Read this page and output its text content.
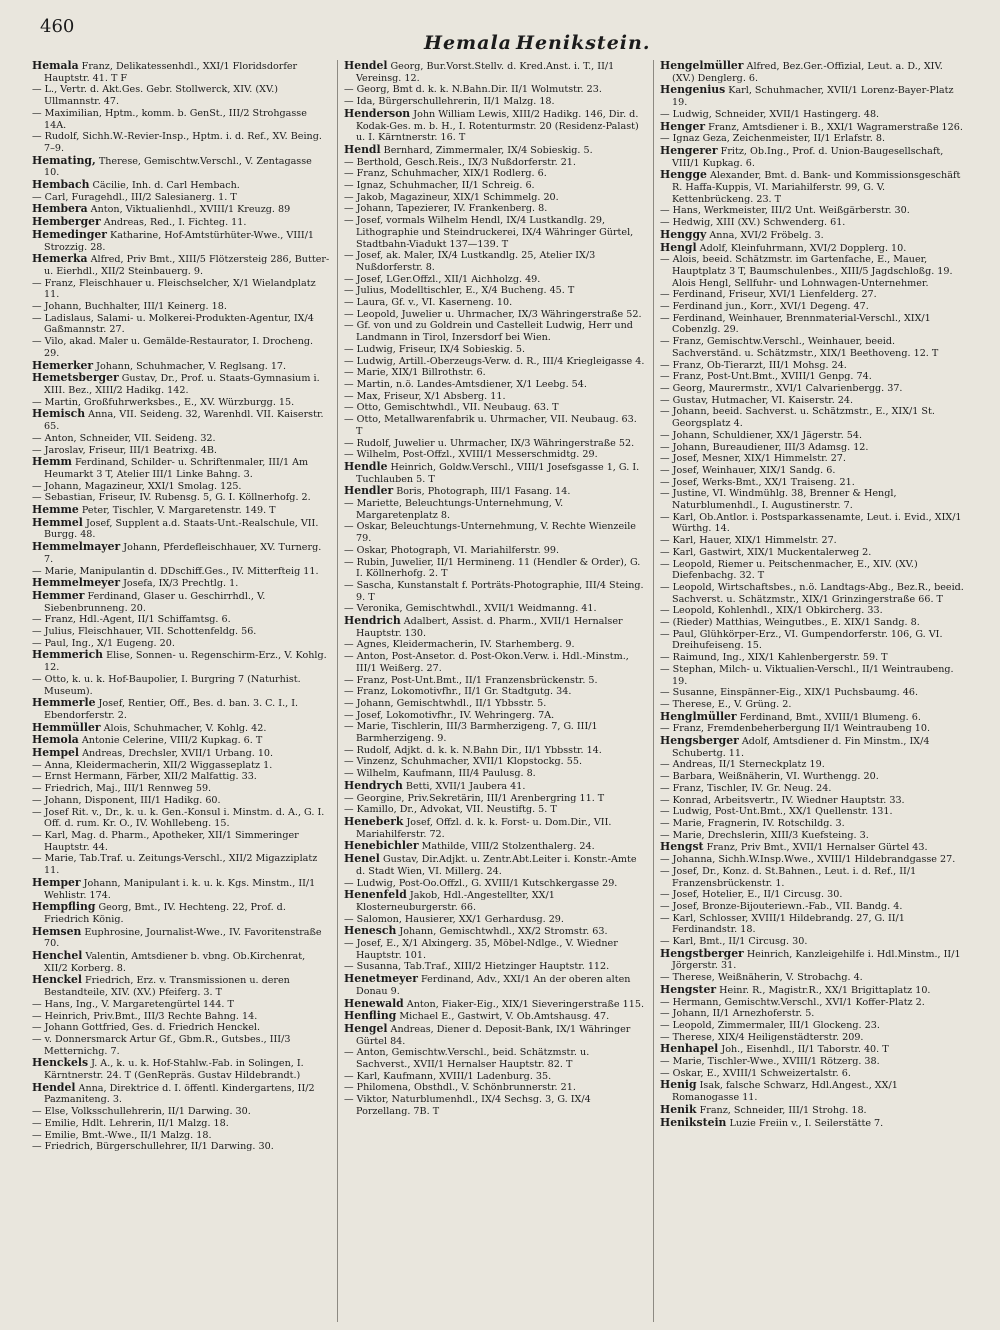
460
Hemala Henikstein.

Hemala Franz, Delikatessenhdl., XXI/1 Floridsdorfer Hauptstr. 41. T F

— L., Vertr. d. Akt.Ges. Gebr. Stollwerck, XIV. (XV.) Ullmannstr. 47.

— Maximilian, Hptm., komm. b. GenSt., III/2 Strohgasse 14A.

— Rudolf, Sichh.W.-Revier-Insp., Hptm. i. d. Ref., XV. Being. 7–9.

Hemating, Therese, Gemischtw.Verschl., V. Zentagasse 10.

Hembach Cäcilie, Inh. d. Carl Hembach.

— Carl, Furagehdl., III/2 Salesianerg. 1. T

Hembera Anton, Viktualienhdl., XVIII/1 Kreuzg. 89

Hemberger Andreas, Red., I. Fichteg. 11.

Hemedinger Katharine, Hof-Amtstürhüter-Wwe., VIII/1 Strozzig. 28.

Hemerka Alfred, Priv Bmt., XIII/5 Flötzersteig 286, Butter- u. Eierhdl., XII/2 Steinbauerg. 9.

— Franz, Fleischhauer u. Fleischselcher, X/1 Wielandplatz 11.

— Johann, Buchhalter, III/1 Keinerg. 18.

— Ladislaus, Salami- u. Molkerei-Produkten-Agentur, IX/4 Gaßmannstr. 27.

— Vilo, akad. Maler u. Gemälde-Restaurator, I. Drocheng. 29.

Hemerker Johann, Schuhmacher, V. Reglsang. 17.

Hemetsberger Gustav, Dr., Prof. u. Staats-Gymnasium i. XIII. Bez., XIII/2 Hadikg. 142.

— Martin, Großfuhrwerksbes., E., XV. Würzburgg. 15.

Hemisch Anna, VII. Seideng. 32, Warenhdl. VII. Kaiserstr. 65.

— Anton, Schneider, VII. Seideng. 32.

— Jaroslav, Friseur, III/1 Beatrixg. 4B.

Hemm Ferdinand, Schilder- u. Schriftenmaler, III/1 Am Heumarkt 3 T, Atelier III/1 Linke Bahng. 3.

— Johann, Magazineur, XXI/1 Smolag. 125.

— Sebastian, Friseur, IV. Rubensg. 5, G. I. Köllnerhofg. 2.

Hemme Peter, Tischler, V. Margaretenstr. 149. T

Hemmel Josef, Supplent a.d. Staats-Unt.-Realschule, VII. Burgg. 48.

Hemmelmayer Johann, Pferdefleischhauer, XV. Turnerg. 7.

— Marie, Manipulantin d. DDschiff.Ges., IV. Mitterfteig 11.

Hemmelmeyer Josefa, IX/3 Prechtlg. 1.

Hemmer Ferdinand, Glaser u. Geschirrhdl., V. Siebenbrunneng. 20.

— Franz, Hdl.-Agent, II/1 Schiffamtsg. 6.

— Julius, Fleischhauer, VII. Schottenfeldg. 56.

— Paul, Ing., X/1 Eugeng. 20.

Hemmerich Elise, Sonnen- u. Regenschirm-Erz., V. Kohlg. 12.

— Otto, k. u. k. Hof-Baupolier, I. Burgring 7 (Naturhist. Museum).

Hemmerle Josef, Rentier, Off., Bes. d. ban. 3. C. I., I. Ebendorferstr. 2.

Hemmüller Alois, Schuhmacher, V. Kohlg. 42.

Hemola Antonie Celerine, VIII/2 Kupkag. 6. T

Hempel Andreas, Drechsler, XVII/1 Urbang. 10.

— Anna, Kleidermacherin, XII/2 Wiggasseplatz 1.

— Ernst Hermann, Färber, XII/2 Malfattig. 33.

— Friedrich, Maj., III/1 Rennweg 59.

— Johann, Disponent, III/1 Hadikg. 60.

— Josef Rit. v., Dr., k. u. k. Gen.-Konsul i. Minstm. d. A., G. I. Off. d. rum. Kr. O., IV. Wohllebeng. 15.

— Karl, Mag. d. Pharm., Apotheker, XII/1 Simmeringer Hauptstr. 44.

— Marie, Tab.Traf. u. Zeitungs-Verschl., XII/2 Migazziplatz 11.

Hemper Johann, Manipulant i. k. u. k. Kgs. Minstm., II/1 Wehlistr. 174.

Hempfling Georg, Bmt., IV. Hechteng. 22, Prof. d. Friedrich König.

Hemsen Euphrosine, Journalist-Wwe., IV. Favoritenstraße 70.

Henchel Valentin, Amtsdiener b. vbng. Ob.Kirchenrat, XII/2 Korberg. 8.

Henckel Friedrich, Erz. v. Transmissionen u. deren Bestandteile, XIV. (XV.) Pfeiferg. 3. T

— Hans, Ing., V. Margaretengürtel 144. T

— Heinrich, Priv.Bmt., III/3 Rechte Bahng. 14.

— Johann Gottfried, Ges. d. Friedrich Henckel.

— v. Donnersmarck Artur Gf., Gbm.R., Gutsbes., III/3 Metternichg. 7.

Henckels J. A., k. u. k. Hof-Stahlw.-Fab. in Solingen, I. Kärntnerstr. 24. T (GenRepräs. Gustav Hildebrandt.)

Hendel Anna, Direktrice d. I. öffentl. Kindergartens, II/2 Pazmaniteng. 3.

— Else, Volksschullehrerin, II/1 Darwing. 30.

— Emilie, Hdlt. Lehrerin, II/1 Malzg. 18.

— Emilie, Bmt.-Wwe., II/1 Malzg. 18.

— Friedrich, Bürgerschullehrer, II/1 Darwing. 30.

Hendel Georg, Bur.Vorst.Stellv. d. Kred.Anst. i. T., II/1 Vereinsg. 12.

— Georg, Bmt d. k. k. N.Bahn.Dir. II/1 Wolmutstr. 23.

— Ida, Bürgerschullehrerin, II/1 Malzg. 18.

Henderson John William Lewis, XIII/2 Hadikg. 146, Dir. d. Kodak-Ges. m. b. H., I. Rotenturmstr. 20 (Residenz-Palast) u. I. Kärntnerstr. 16. T

Hendl Bernhard, Zimmermaler, IX/4 Sobieskig. 5.

— Berthold, Gesch.Reis., IX/3 Nußdorferstr. 21.

— Franz, Schuhmacher, XIX/1 Rodlerg. 6.

— Ignaz, Schuhmacher, II/1 Schreig. 6.

— Jakob, Magazineur, XIX/1 Schimmelg. 20.

— Johann, Tapezierer, IV. Frankenberg. 8.

— Josef, vormals Wilhelm Hendl, IX/4 Lustkandlg. 29, Lithographie und Steindruckerei, IX/4 Währinger Gürtel, Stadtbahn-Viadukt 137—139. T

— Josef, ak. Maler, IX/4 Lustkandlg. 25, Atelier IX/3 Nußdorferstr. 8.

— Josef, LGer.Offzl., XII/1 Aichholzg. 49.

— Julius, Modelltischler, E., X/4 Bucheng. 45. T

— Laura, Gf. v., VI. Kaserneng. 10.

— Leopold, Juwelier u. Uhrmacher, IX/3 Währingerstraße 52.

— Gf. von und zu Goldrein und Castelleit Ludwig, Herr und Landmann in Tirol, Inzersdorf bei Wien.

— Ludwig, Friseur, IX/4 Sobieskig. 5.

— Ludwig, Artill.-Oberzeugs-Verw. d. R., III/4 Kriegleigasse 4.

— Marie, XIX/1 Billrothstr. 6.

— Martin, n.ö. Landes-Amtsdiener, X/1 Leebg. 54.

— Max, Friseur, X/1 Absberg. 11.

— Otto, Gemischtwhdl., VII. Neubaug. 63. T

— Otto, Metallwarenfabrik u. Uhrmacher, VII. Neubaug. 63. T

— Rudolf, Juwelier u. Uhrmacher, IX/3 Währingerstraße 52.

— Wilhelm, Post-Offzl., XVIII/1 Messerschmidtg. 29.

Hendle Heinrich, Goldw.Verschl., VIII/1 Josefsgasse 1, G. I. Tuchlauben 5. T

Hendler Boris, Photograph, III/1 Fasang. 14.

— Mariette, Beleuchtungs-Unternehmung, V. Margaretenplatz 8.

— Oskar, Beleuchtungs-Unternehmung, V. Rechte Wienzeile 79.

— Oskar, Photograph, VI. Mariahilferstr. 99.

— Rubin, Juwelier, II/1 Hermineng. 11 (Hendler & Order), G. I. Köllnerhofg. 2. T

— Sascha, Kunstanstalt f. Porträts-Photographie, III/4 Steing. 9. T

— Veronika, Gemischtwhdl., XVII/1 Weidmanng. 41.

Hendrich Adalbert, Assist. d. Pharm., XVII/1 Hernalser Hauptstr. 130.

— Agnes, Kleidermacherin, IV. Starhemberg. 9.

— Anton, Post-Ansetor. d. Post-Okon.Verw. i. Hdl.-Minstm., III/1 Weißerg. 27.

— Franz, Post-Unt.Bmt., II/1 Franzensbrückenstr. 5.

— Franz, Lokomotivfhr., II/1 Gr. Stadtgutg. 34.

— Johann, Gemischtwhdl., II/1 Ybbsstr. 5.

— Josef, Lokomotivfhr., IV. Wehringerg. 7A.

— Marie, Tischlerin, III/3 Barmherzigeng. 7, G. III/1 Barmherzigeng. 9.

— Rudolf, Adjkt. d. k. k. N.Bahn Dir., II/1 Ybbsstr. 14.

— Vinzenz, Schuhmacher, XVII/1 Klopstockg. 55.

— Wilhelm, Kaufmann, III/4 Paulusg. 8.

Hendrych Betti, XVII/1 Jaubera 41.

— Georgine, Priv.Sekretärin, III/1 Arenbergring 11. T

— Kamillo, Dr., Advokat, VII. Neustiftg. 5. T

Heneberk Josef, Offzl. d. k. k. Forst- u. Dom.Dir., VII. Mariahilferstr. 72.

Henebichler Mathilde, VIII/2 Stolzenthalerg. 24.

Henel Gustav, Dir.Adjkt. u. Zentr.Abt.Leiter i. Konstr.-Amte d. Stadt Wien, VI. Millerg. 24.

— Ludwig, Post-Oo.Offzl., G. XVIII/1 Kutschkergasse 29.

Henenfeld Jakob, Hdl.-Angestellter, XX/1 Klosterneuburgerstr. 66.

— Salomon, Hausierer, XX/1 Gerhardusg. 29.

Henesch Johann, Gemischtwhdl., XX/2 Stromstr. 63.

— Josef, E., X/1 Alxingerg. 35, Möbel-Ndlge., V. Wiedner Hauptstr. 101.

— Susanna, Tab.Traf., XIII/2 Hietzinger Hauptstr. 112.

Henetmeyer Ferdinand, Adv., XXI/1 An der oberen alten Donau 9.

Henewald Anton, Fiaker-Eig., XIX/1 Sieveringerstraße 115.

Henfling Michael E., Gastwirt, V. Ob.Amtshausg. 47.

Hengel Andreas, Diener d. Deposit-Bank, IX/1 Währinger Gürtel 84.

— Anton, Gemischtw.Verschl., beid. Schätzmstr. u. Sachverst., XVII/1 Hernalser Hauptstr. 82. T

— Karl, Kaufmann, XVIII/1 Ladenburg. 35.

— Philomena, Obsthdl., V. Schönbrunnerstr. 21.

— Viktor, Naturblumenhdl., IX/4 Sechsg. 3, G. IX/4 Porzellang. 7B. T

Hengelmüller Alfred, Bez.Ger.-Offizial, Leut. a. D., XIV. (XV.) Denglerg. 6.

Hengenius Karl, Schuhmacher, XVII/1 Lorenz-Bayer-Platz 19.

— Ludwig, Schneider, XVII/1 Hastingerg. 48.

Henger Franz, Amtsdiener i. B., XXI/1 Wagramerstraße 126.

— Ignaz Geza, Zeichenmeister, II/1 Erlafstr. 8.

Hengerer Fritz, Ob.Ing., Prof. d. Union-Baugesellschaft, VIII/1 Kupkag. 6.

Hengge Alexander, Bmt. d. Bank- und Kommissionsgeschäft R. Haffa-Kuppis, VI. Mariahilferstr. 99, G. V. Kettenbrückeng. 23. T

— Hans, Werkmeister, III/2 Unt. Weißgärberstr. 30.

— Hedwig, XIII (XV.) Schwenderg. 61.

Henggy Anna, XVI/2 Fröbelg. 3.

Hengl Adolf, Kleinfuhrmann, XVI/2 Dopplerg. 10.

— Alois, beeid. Schätzmstr. im Gartenfache, E., Mauer, Hauptplatz 3 T, Baumschulenbes., XIII/5 Jagdschloßg. 19. Alois Hengl, Sellfuhr- und Lohnwagen-Unternehmer.

— Ferdinand, Friseur, XVI/1 Lienfelderg. 27.

— Ferdinand jun., Korr., XVI/1 Degeng. 47.

— Ferdinand, Weinhauer, Brennmaterial-Verschl., XIX/1 Cobenzlg. 29.

— Franz, Gemischtw.Verschl., Weinhauer, beeid. Sachverständ. u. Schätzmstr., XIX/1 Beethoveng. 12. T

— Franz, Ob-Tierarzt, III/1 Mohsg. 24.

— Franz, Post-Unt.Bmt., XVIII/1 Genpg. 74.

— Georg, Maurermstr., XVI/1 Calvarienbergg. 37.

— Gustav, Hutmacher, VI. Kaiserstr. 24.

— Johann, beeid. Sachverst. u. Schätzmstr., E., XIX/1 St. Georgsplatz 4.

— Johann, Schuldiener, XX/1 Jägerstr. 54.

— Johann, Bureaudiener, III/3 Adamsg. 12.

— Josef, Mesner, XIX/1 Himmelstr. 27.

— Josef, Weinhauer, XIX/1 Sandg. 6.

— Josef, Werks-Bmt., XX/1 Traiseng. 21.

— Justine, VI. Windmühlg. 38, Brenner & Hengl, Naturblumenhdl., I. Augustinerstr. 7.

— Karl, Ob.Antlor. i. Postsparkassenamte, Leut. i. Evid., XIX/1 Würthg. 14.

— Karl, Hauer, XIX/1 Himmelstr. 27.

— Karl, Gastwirt, XIX/1 Muckentalerweg 2.

— Leopold, Riemer u. Peitschenmacher, E., XIV. (XV.) Diefenbachg. 32. T

— Leopold, Wirtschaftsbes., n.ö. Landtags-Abg., Bez.R., beeid. Sachverst. u. Schätzmstr., XIX/1 Grinzingerstraße 66. T

— Leopold, Kohlenhdl., XIX/1 Obkircherg. 33.

— (Rieder) Matthias, Weingutbes., E. XIX/1 Sandg. 8.

— Paul, Glühkörper-Erz., VI. Gumpendorferstr. 106, G. VI. Dreihufeiseng. 15.

— Raimund, Ing., XIX/1 Kahlenbergerstr. 59. T

— Stephan, Milch- u. Viktualien-Verschl., II/1 Weintraubeng. 19.

— Susanne, Einspänner-Eig., XIX/1 Puchsbaumg. 46.

— Therese, E., V. Grüng. 2.

Henglmüller Ferdinand, Bmt., XVIII/1 Blumeng. 6.

— Franz, Fremdenbeherbergung II/1 Weintraubeng 10.

Hengsberger Adolf, Amtsdiener d. Fin Minstm., IX/4 Schubertg. 11.

— Andreas, II/1 Sterneckplatz 19.

— Barbara, Weißnäherin, VI. Wurthengg. 20.

— Franz, Tischler, IV. Gr. Neug. 24.

— Konrad, Arbeitsvertr., IV. Wiedner Hauptstr. 33.

— Ludwig, Post-Unt.Bmt., XX/1 Quellenstr. 131.

— Marie, Fragnerin, IV. Rotschildg. 3.

— Marie, Drechslerin, XIII/3 Kuefsteing. 3.

Hengst Franz, Priv Bmt., XVII/1 Hernalser Gürtel 43.

— Johanna, Sichh.W.Insp.Wwe., XVIII/1 Hildebrandgasse 27.

— Josef, Dr., Konz. d. St.Bahnen., Leut. i. d. Ref., II/1 Franzensbrückenstr. 1.

— Josef, Hotelier, E., II/1 Circusg. 30.

— Josef, Bronze-Bijouteriewn.-Fab., VII. Bandg. 4.

— Karl, Schlosser, XVIII/1 Hildebrandg. 27, G. II/1 Ferdinandstr. 18.

— Karl, Bmt., II/1 Circusg. 30.

Hengstberger Heinrich, Kanzleigehilfe i. Hdl.Minstm., II/1 Jörgerstr. 31.

— Therese, Weißnäherin, V. Strobachg. 4.

Hengster Heinr. R., Magistr.R., XX/1 Brigittaplatz 10.

— Hermann, Gemischtw.Verschl., XVI/1 Koffer-Platz 2.

— Johann, II/1 Arnezhoferstr. 5.

— Leopold, Zimmermaler, III/1 Glockeng. 23.

— Therese, XIX/4 Heiligenstädterstr. 209.

Henhapel Joh., Eisenhdl., II/1 Taborstr. 40. T

— Marie, Tischler-Wwe., XVIII/1 Rötzerg. 38.

— Oskar, E., XVIII/1 Schweizertalstr. 6.

Henig Isak, falsche Schwarz, Hdl.Angest., XX/1 Romanogasse 11.

Henik Franz, Schneider, III/1 Strohg. 18.

Henikstein Luzie Freiin v., I. Seilerstätte 7.
